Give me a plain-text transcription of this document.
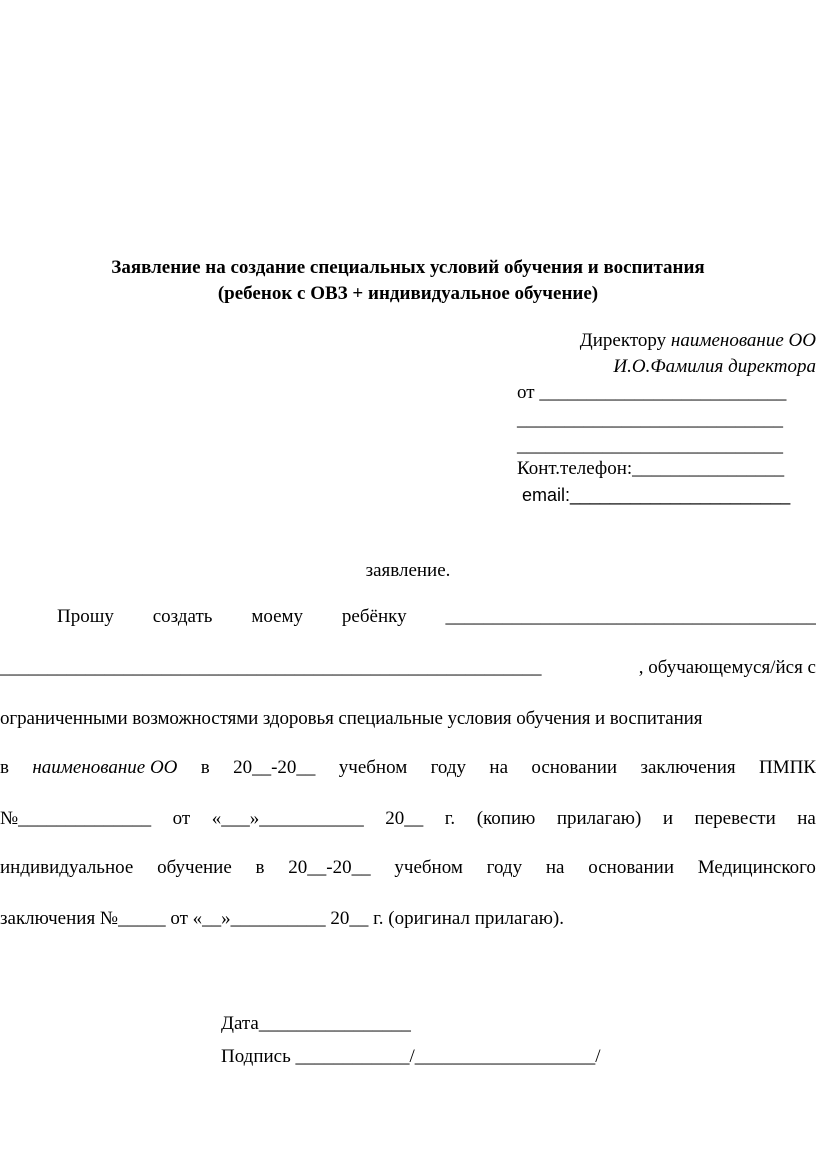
Заявление на создание специальных условий обучения и воспитания
(ребенок с ОВЗ + индивидуальное обучение)
Директору наименование ОО
И.О.Фамилия директора
от __________________________
____________________________
____________________________
Конт.телефон:________________
email:______________________
заявление.
Прошу создать моему ребёнку _______________________________________
_________________________________________________________	, обучающемуся/йся с
ограниченными возможностями здоровья специальные условия обучения и воспитания
в наименование ОО в 20__-20__ учебном году на основании заключения ПМПК
№______________ от «___»___________ 20__ г. (копию прилагаю) и перевести на
индивидуальное обучение в 20__-20__ учебном году на основании Медицинского
заключения №_____ от «__»__________ 20__ г. (оригинал прилагаю).
Дата________________
Подпись ____________/___________________/
